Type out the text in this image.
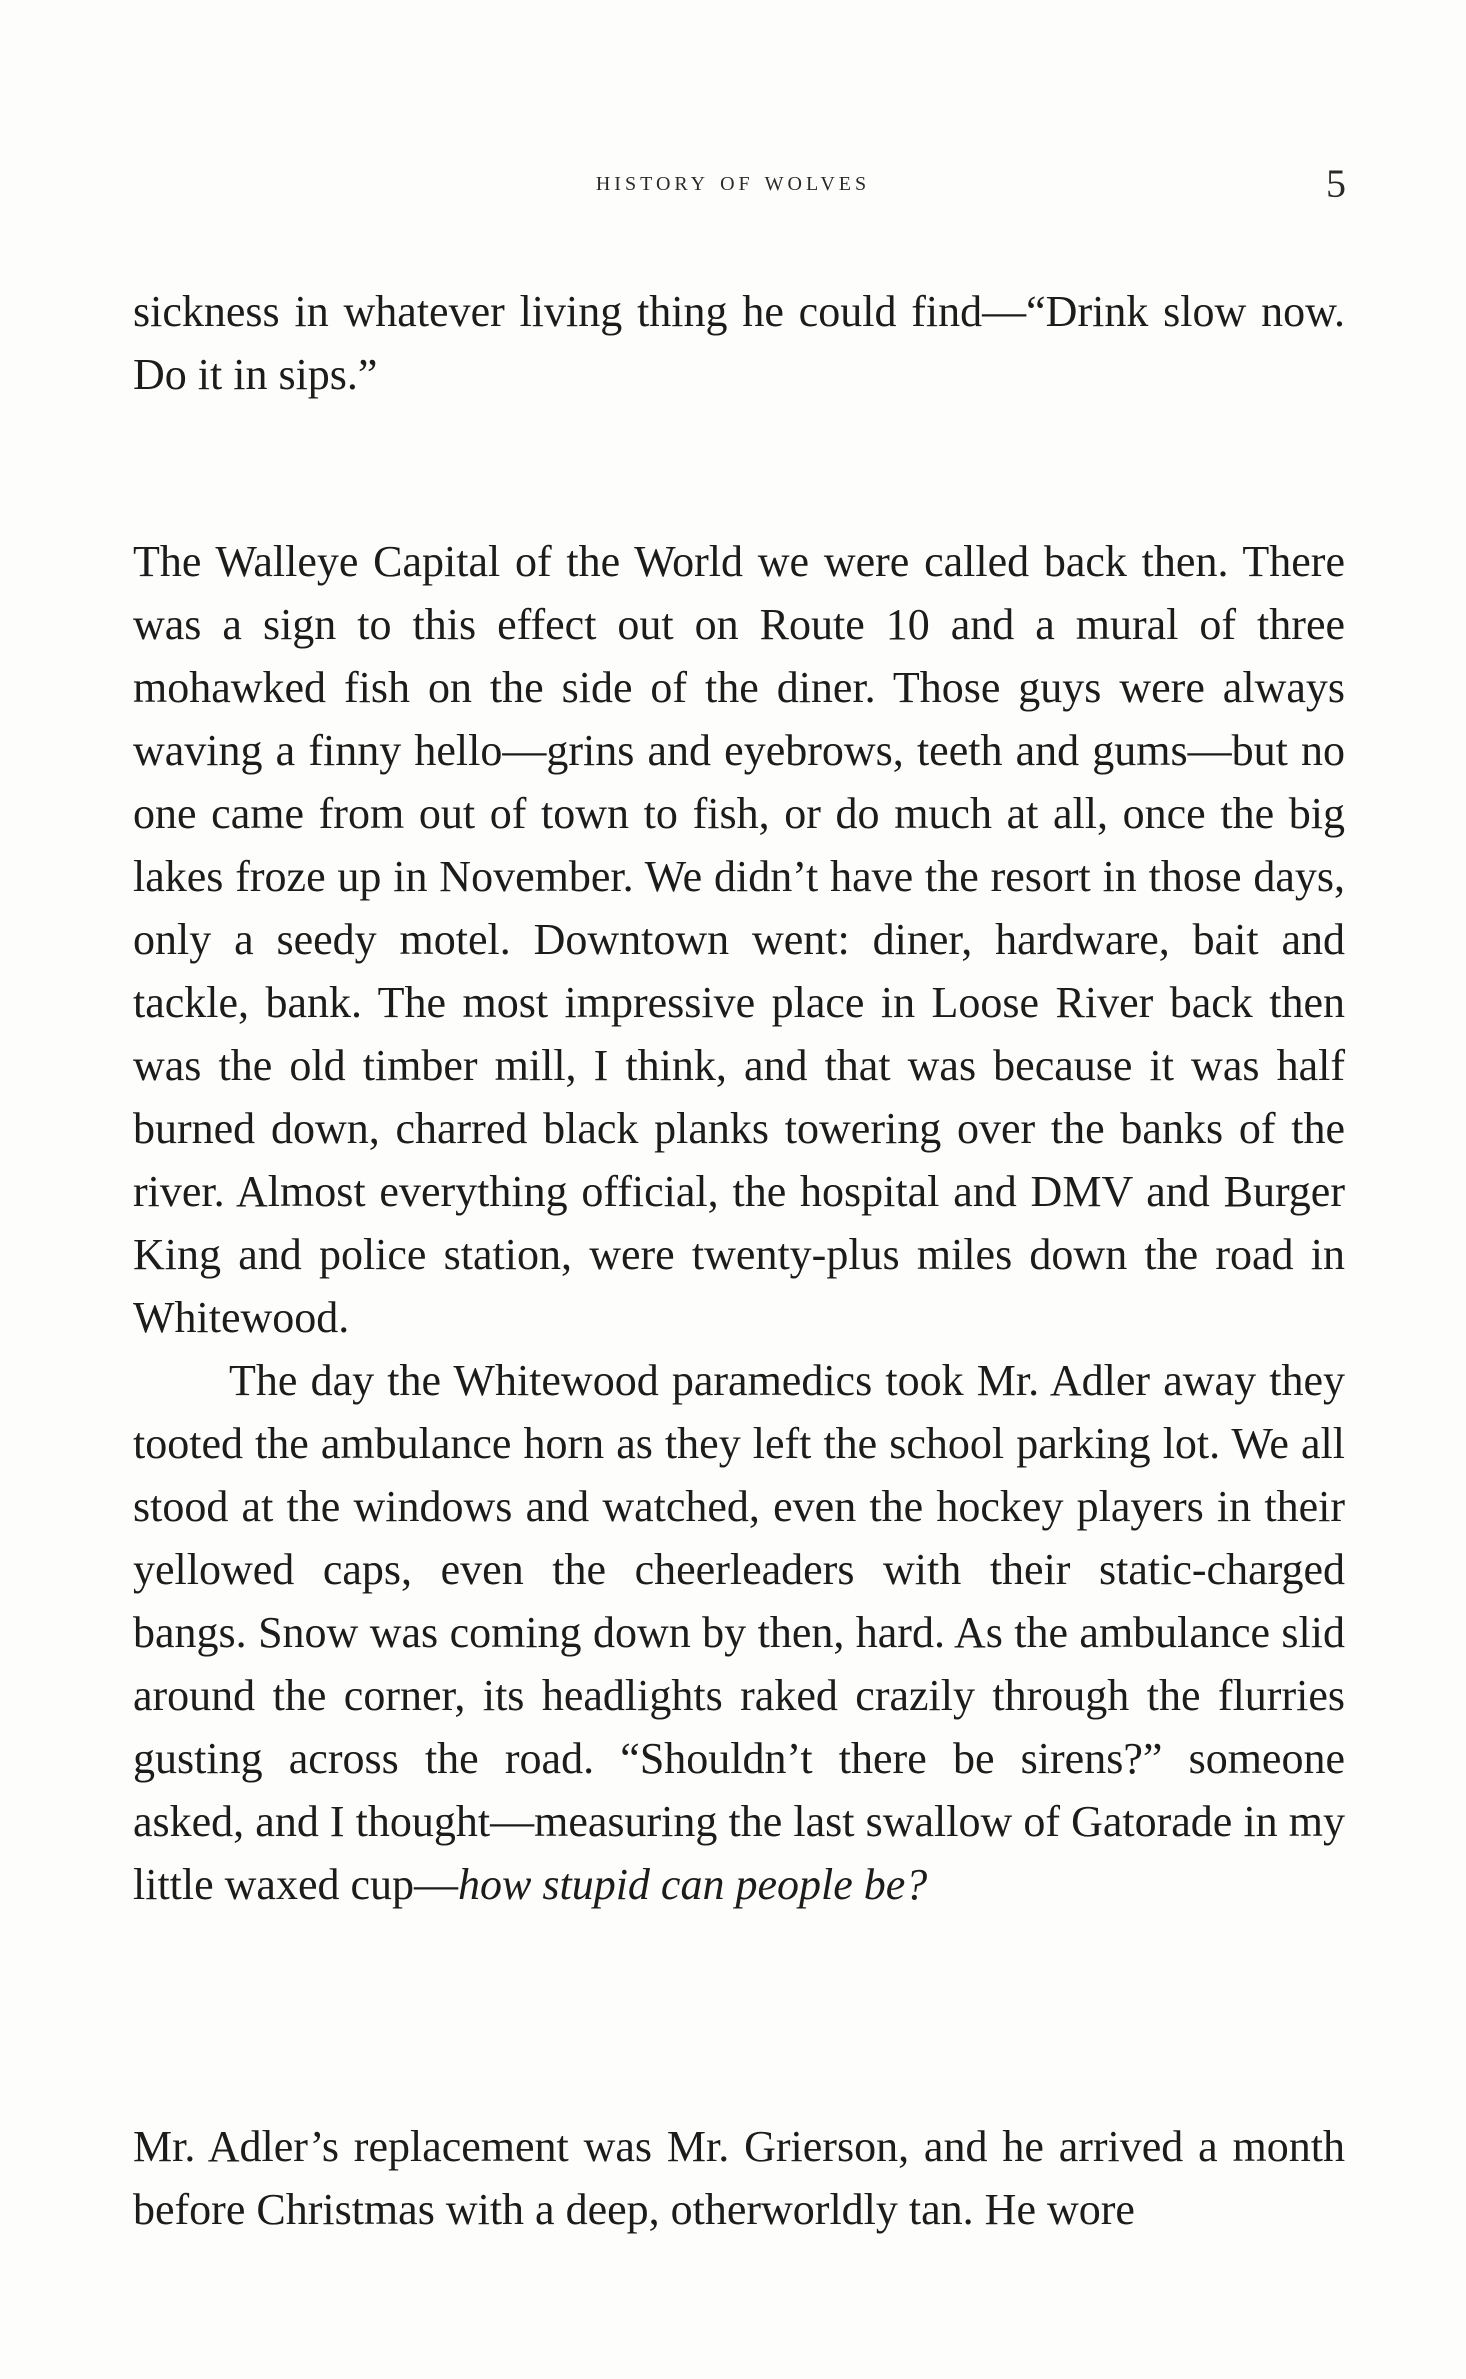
history of wolves	5

sickness in whatever living thing he could find—“Drink slow now. Do it in sips.”

The Walleye Capital of the World we were called back then. There was a sign to this effect out on Route 10 and a mural of three mohawked fish on the side of the diner. Those guys were always waving a finny hello—grins and eyebrows, teeth and gums—but no one came from out of town to fish, or do much at all, once the big lakes froze up in November. We didn’t have the resort in those days, only a seedy motel. Downtown went: diner, hardware, bait and tackle, bank. The most impressive place in Loose River back then was the old timber mill, I think, and that was because it was half burned down, charred black planks towering over the banks of the river. Almost everything official, the hospital and DMV and Burger King and police station, were twenty-plus miles down the road in Whitewood.

The day the Whitewood paramedics took Mr. Adler away they tooted the ambulance horn as they left the school parking lot. We all stood at the windows and watched, even the hockey players in their yellowed caps, even the cheerleaders with their static-charged bangs. Snow was coming down by then, hard. As the ambulance slid around the corner, its headlights raked crazily through the flurries gusting across the road. “Shouldn’t there be sirens?” someone asked, and I thought—measuring the last swallow of Gatorade in my little waxed cup—how stupid can people be?

Mr. Adler’s replacement was Mr. Grierson, and he arrived a month before Christmas with a deep, otherworldly tan. He wore
